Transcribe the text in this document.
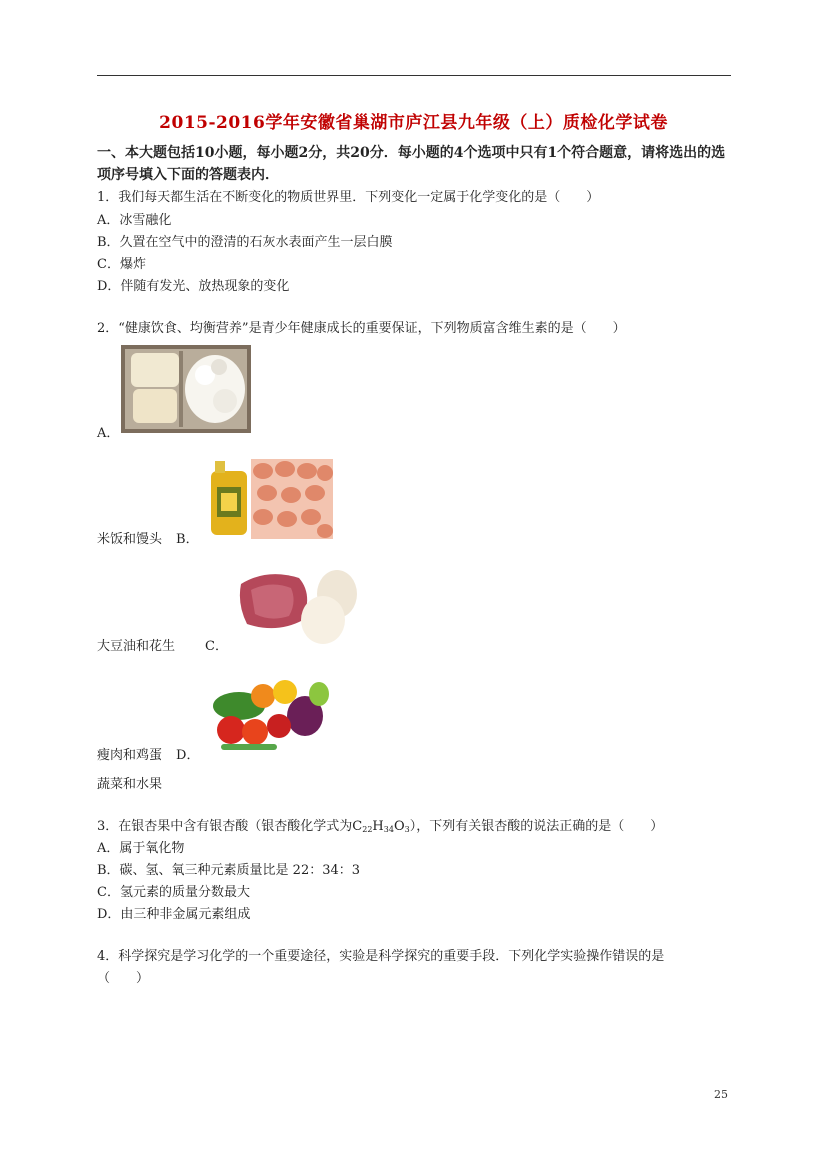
2015-2016学年安徽省巢湖市庐江县九年级（上）质检化学试卷
一、本大题包括10小题，每小题2分，共20分．每小题的4个选项中只有1个符合题意，请将选出的选项序号填入下面的答题表内．
1．我们每天都生活在不断变化的物质世界里．下列变化一定属于化学变化的是（　　）
A．冰雪融化
B．久置在空气中的澄清的石灰水表面产生一层白膜
C．爆炸
D．伴随有发光、放热现象的变化
2．“健康饮食、均衡营养”是青少年健康成长的重要保证，下列物质富含维生素的是（　　）
A．
米饭和馒头 B．
大豆油和花生 C．
瘦肉和鸡蛋 D．
蔬菜和水果
3．在银杏果中含有银杏酸（银杏酸化学式为$C_{22}H_{34}O_3$），下列有关银杏酸的说法正确的是（　　）
A．属于氧化物
B．碳、氢、氧三种元素质量比是 22：34：3
C．氢元素的质量分数最大
D．由三种非金属元素组成
4．科学探究是学习化学的一个重要途径，实验是科学探究的重要手段．下列化学实验操作错误的是
（　　）
25
